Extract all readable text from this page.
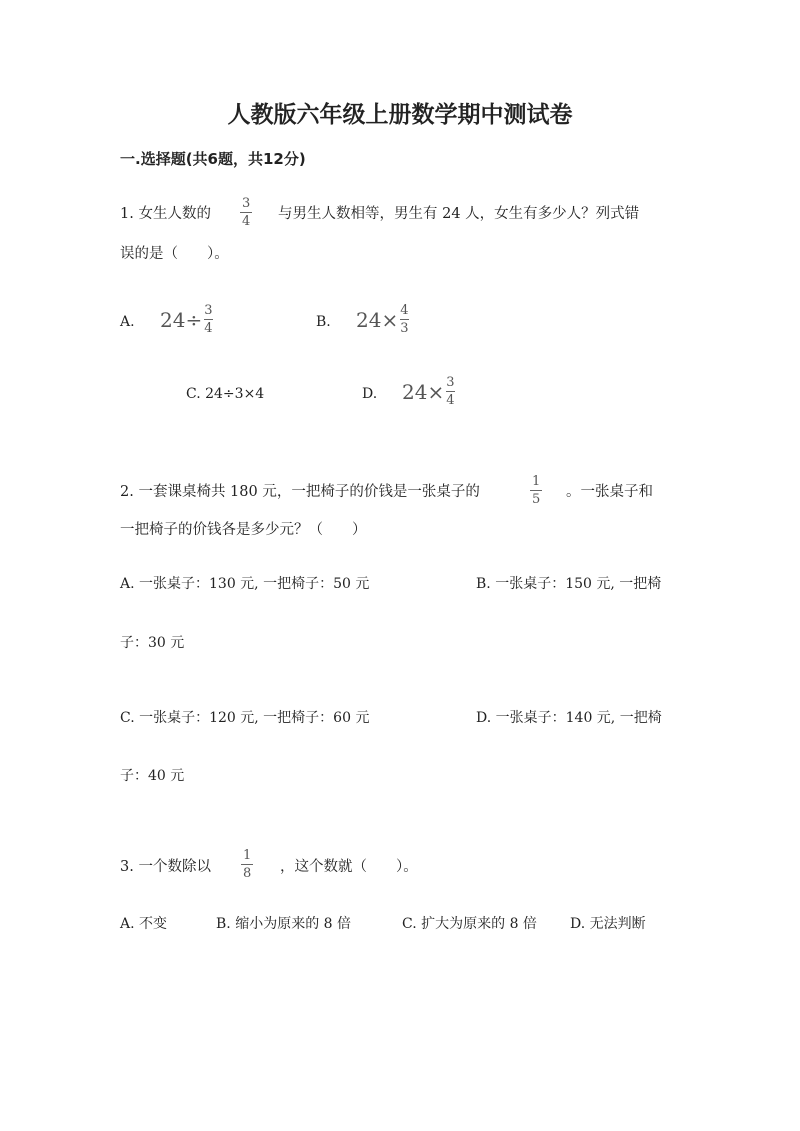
人教版六年级上册数学期中测试卷
一.选择题(共6题，共12分)
1. 女生人数的
3
4 与男生人数相等，男生有 24 人，女生有多少人？列式错
误的是（　　）。
A. 24÷ 3
4	B. 24× 4
3
C. 24÷3×4	D. 24× 3
4
2. 一套课桌椅共 180 元，一把椅子的价钱是一张桌子的
1
5 。一张桌子和
一把椅子的价钱各是多少元？（　　）
A. 一张桌子：130 元, 一把椅子：50 元	B. 一张桌子：150 元, 一把椅
子：30 元
C. 一张桌子：120 元, 一把椅子：60 元	D. 一张桌子：140 元, 一把椅
子：40 元
3. 一个数除以
1
8 ，这个数就（　　）。
A. 不变	B. 缩小为原来的 8 倍	C. 扩大为原来的 8 倍 D. 无法判断
